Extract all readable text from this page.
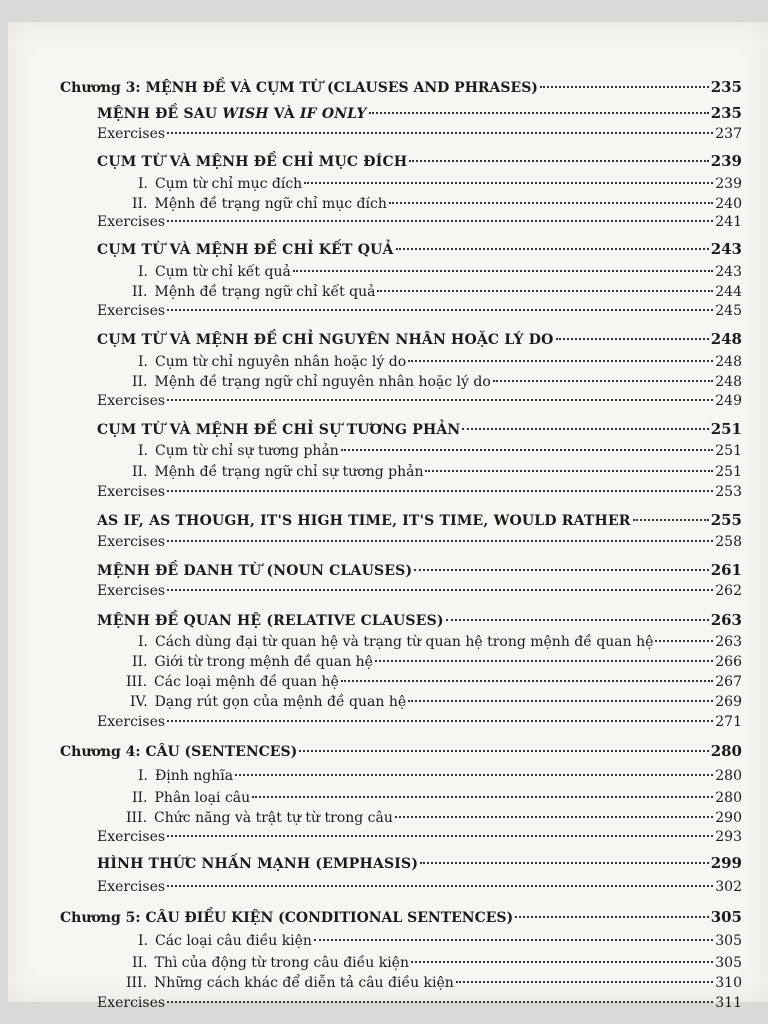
Chương 3: MỆNH ĐỀ VÀ CỤM TỪ (CLAUSES AND PHRASES)	235
MỆNH ĐỀ SAU WISH VÀ IF ONLY	235
Exercises	237
CỤM TỪ VÀ MỆNH ĐỀ CHỈ MỤC ĐÍCH	239
I. Cụm từ chỉ mục đích	239
II. Mệnh đề trạng ngữ chỉ mục đích	240
Exercises	241
CỤM TỪ VÀ MỆNH ĐỀ CHỈ KẾT QUẢ	243
I. Cụm từ chỉ kết quả	243
II. Mệnh đề trạng ngữ chỉ kết quả	244
Exercises	245
CỤM TỪ VÀ MỆNH ĐỀ CHỈ NGUYÊN NHÂN HOẶC LÝ DO	248
I. Cụm từ chỉ nguyên nhân hoặc lý do	248
II. Mệnh đề trạng ngữ chỉ nguyên nhân hoặc lý do	248
Exercises	249
CỤM TỪ VÀ MỆNH ĐỀ CHỈ SỰ TƯƠNG PHẢN	251
I. Cụm từ chỉ sự tương phản	251
II. Mệnh đề trạng ngữ chỉ sự tương phản	251
Exercises	253
AS IF, AS THOUGH, IT'S HIGH TIME, IT'S TIME, WOULD RATHER	255
Exercises	258
MỆNH ĐỀ DANH TỪ (NOUN CLAUSES)	261
Exercises	262
MỆNH ĐỀ QUAN HỆ (RELATIVE CLAUSES)	263
I. Cách dùng đại từ quan hệ và trạng từ quan hệ trong mệnh đề quan hệ	263
II. Giới từ trong mệnh đề quan hệ	266
III. Các loại mệnh đề quan hệ	267
IV. Dạng rút gọn của mệnh đề quan hệ	269
Exercises	271
Chương 4: CÂU (SENTENCES)	280
I. Định nghĩa	280
II. Phân loại câu	280
III. Chức năng và trật tự từ trong câu	290
Exercises	293
HÌNH THỨC NHẤN MẠNH (EMPHASIS)	299
Exercises	302
Chương 5: CÂU ĐIỀU KIỆN (CONDITIONAL SENTENCES)	305
I. Các loại câu điều kiện	305
II. Thì của động từ trong câu điều kiện	305
III. Những cách khác để diễn tả câu điều kiện	310
Exercises	311
